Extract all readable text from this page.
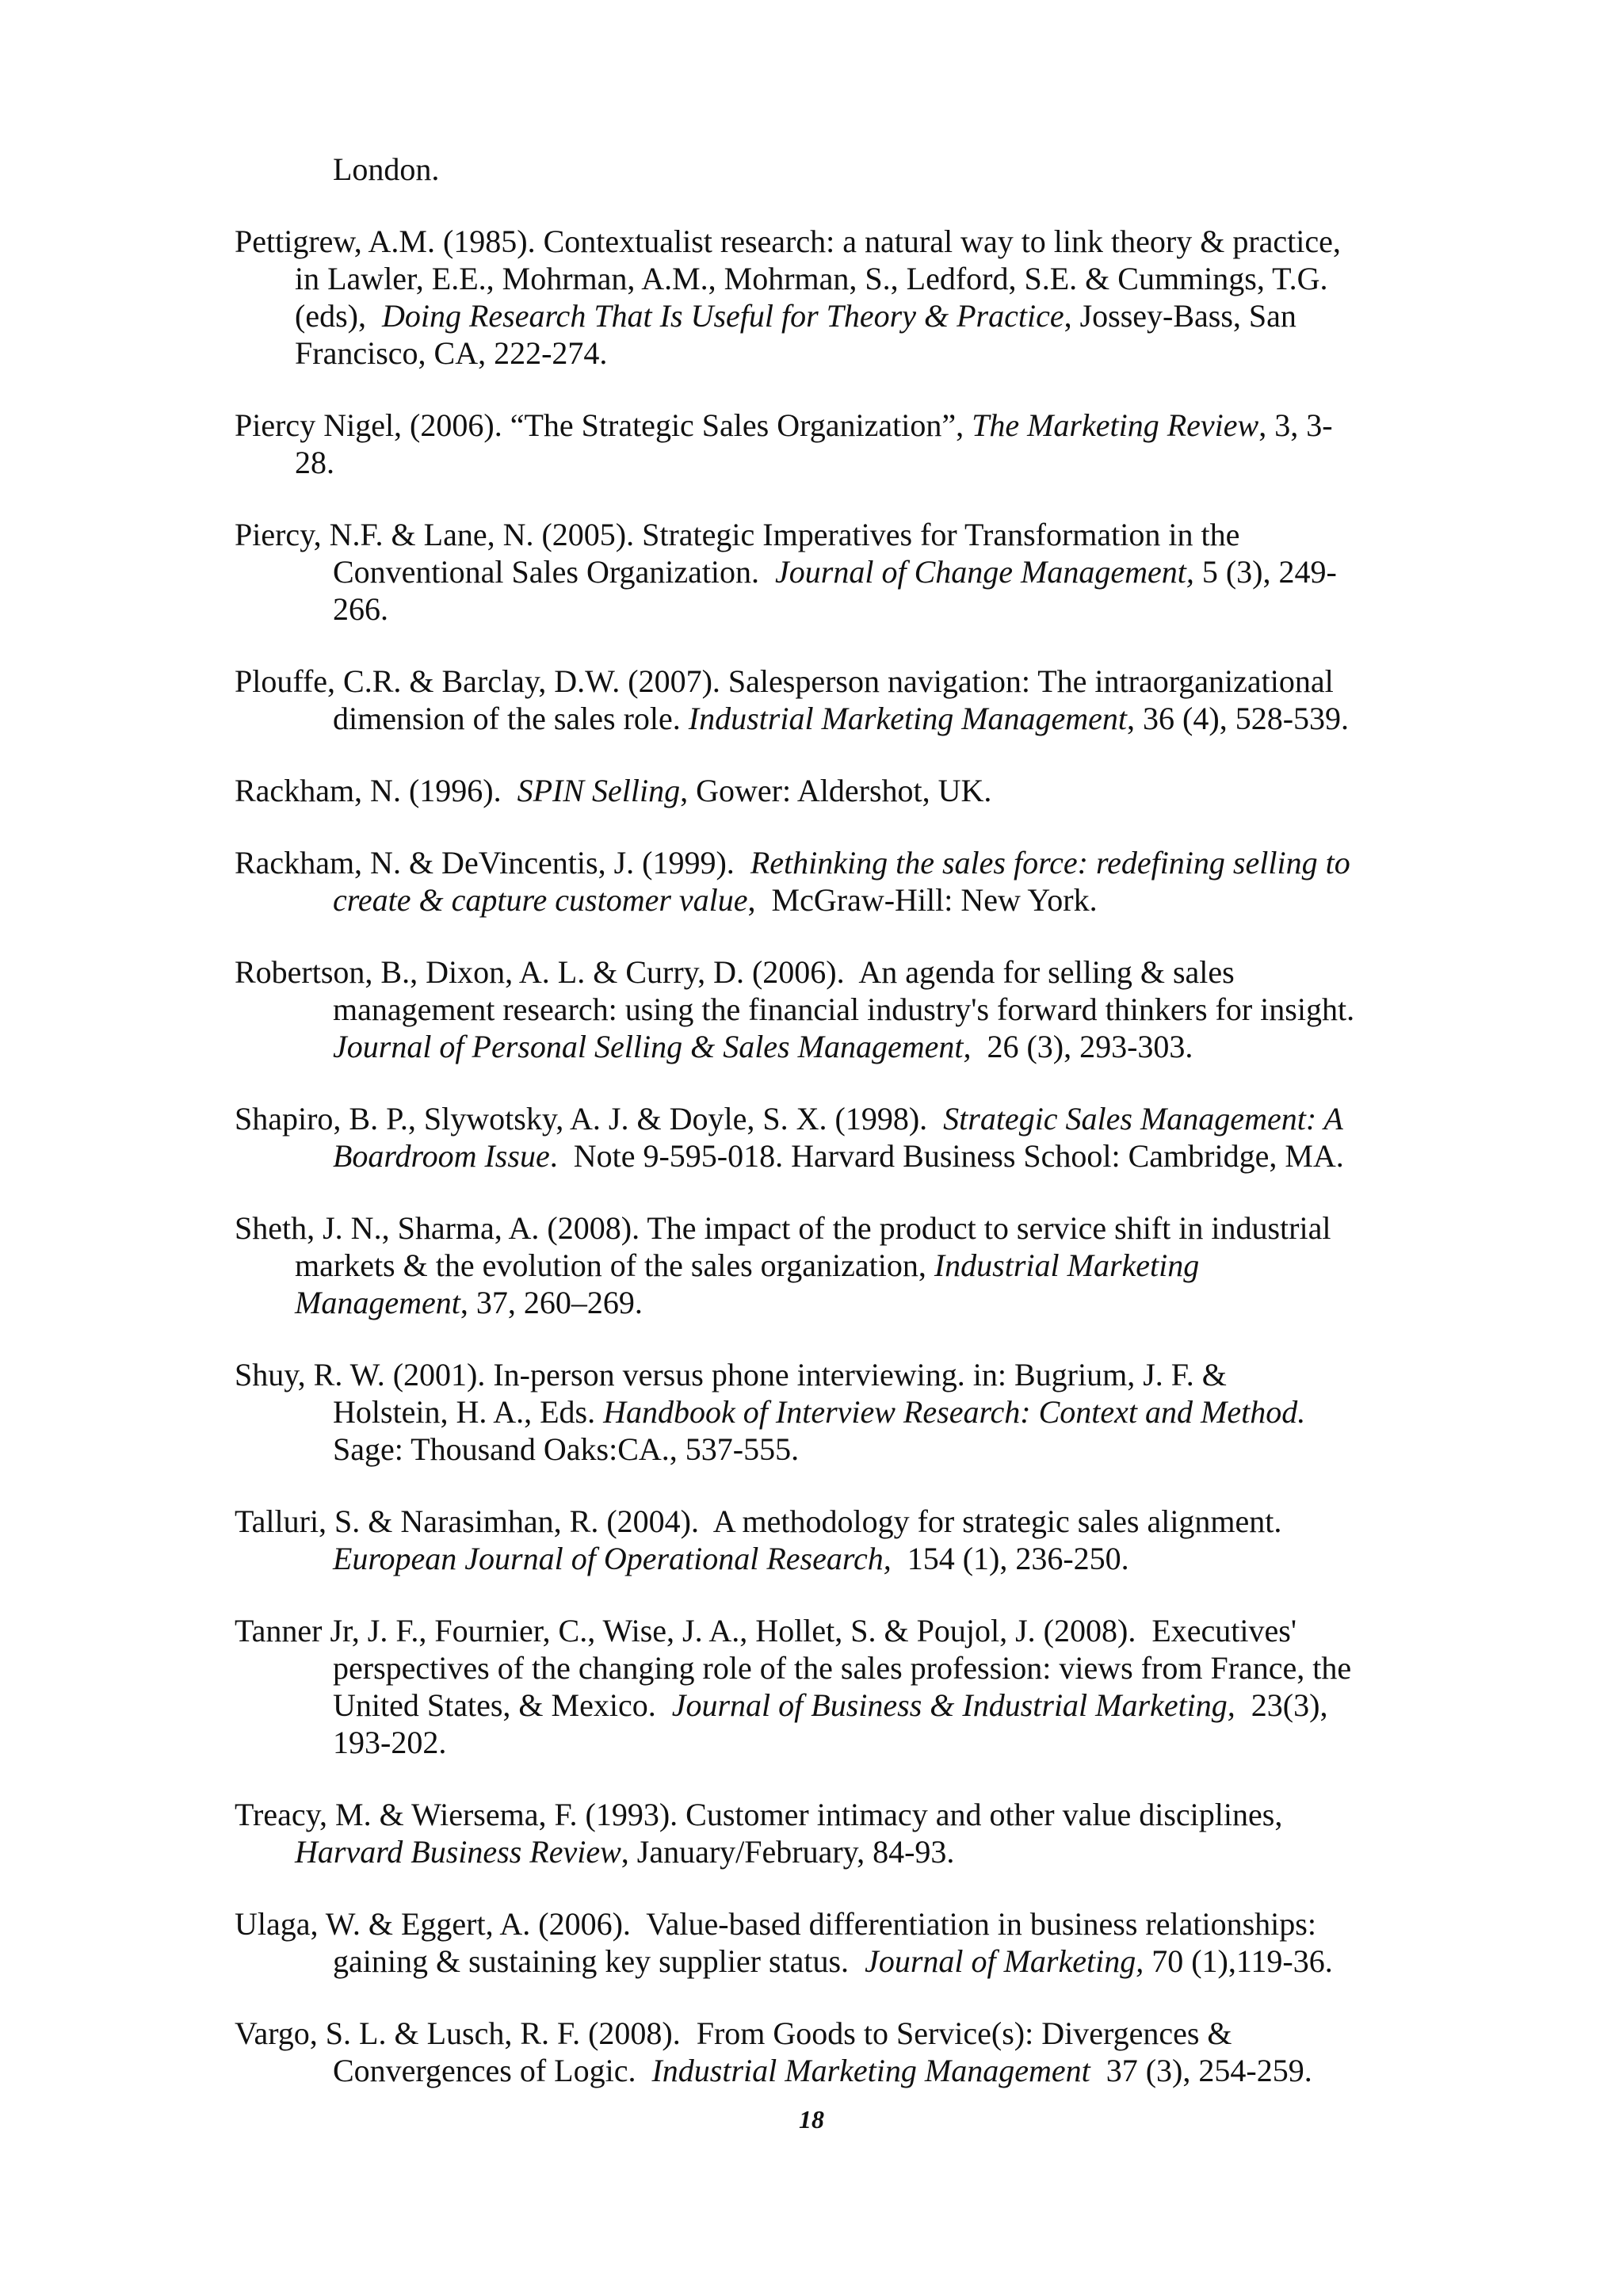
London.
Pettigrew, A.M. (1985). Contextualist research: a natural way to link theory & practice,
in Lawler, E.E., Mohrman, A.M., Mohrman, S., Ledford, S.E. & Cummings, T.G.
(eds),  Doing Research That Is Useful for Theory & Practice, Jossey-Bass, San
Francisco, CA, 222-274.
Piercy Nigel, (2006). “The Strategic Sales Organization”, The Marketing Review, 3, 3-
28.
Piercy, N.F. & Lane, N. (2005). Strategic Imperatives for Transformation in the
Conventional Sales Organization.  Journal of Change Management, 5 (3), 249-
266.
Plouffe, C.R. & Barclay, D.W. (2007). Salesperson navigation: The intraorganizational
dimension of the sales role. Industrial Marketing Management, 36 (4), 528-539.
Rackham, N. (1996).  SPIN Selling, Gower: Aldershot, UK.
Rackham, N. & DeVincentis, J. (1999).  Rethinking the sales force: redefining selling to
create & capture customer value,  McGraw-Hill: New York.
Robertson, B., Dixon, A. L. & Curry, D. (2006).  An agenda for selling & sales
management research: using the financial industry's forward thinkers for insight.
Journal of Personal Selling & Sales Management,  26 (3), 293-303.
Shapiro, B. P., Slywotsky, A. J. & Doyle, S. X. (1998).  Strategic Sales Management: A
Boardroom Issue.  Note 9-595-018. Harvard Business School: Cambridge, MA.
Sheth, J. N., Sharma, A. (2008). The impact of the product to service shift in industrial
markets & the evolution of the sales organization, Industrial Marketing
Management, 37, 260–269.
Shuy, R. W. (2001). In-person versus phone interviewing. in: Bugrium, J. F. &
Holstein, H. A., Eds. Handbook of Interview Research: Context and Method.
Sage: Thousand Oaks:CA., 537-555.
Talluri, S. & Narasimhan, R. (2004).  A methodology for strategic sales alignment.
European Journal of Operational Research,  154 (1), 236-250.
Tanner Jr, J. F., Fournier, C., Wise, J. A., Hollet, S. & Poujol, J. (2008).  Executives'
perspectives of the changing role of the sales profession: views from France, the
United States, & Mexico.  Journal of Business & Industrial Marketing,  23(3),
193-202.
Treacy, M. & Wiersema, F. (1993). Customer intimacy and other value disciplines,
Harvard Business Review, January/February, 84-93.
Ulaga, W. & Eggert, A. (2006).  Value-based differentiation in business relationships:
gaining & sustaining key supplier status.  Journal of Marketing, 70 (1),119-36.
Vargo, S. L. & Lusch, R. F. (2008).  From Goods to Service(s): Divergences &
Convergences of Logic.  Industrial Marketing Management  37 (3), 254-259.
18
